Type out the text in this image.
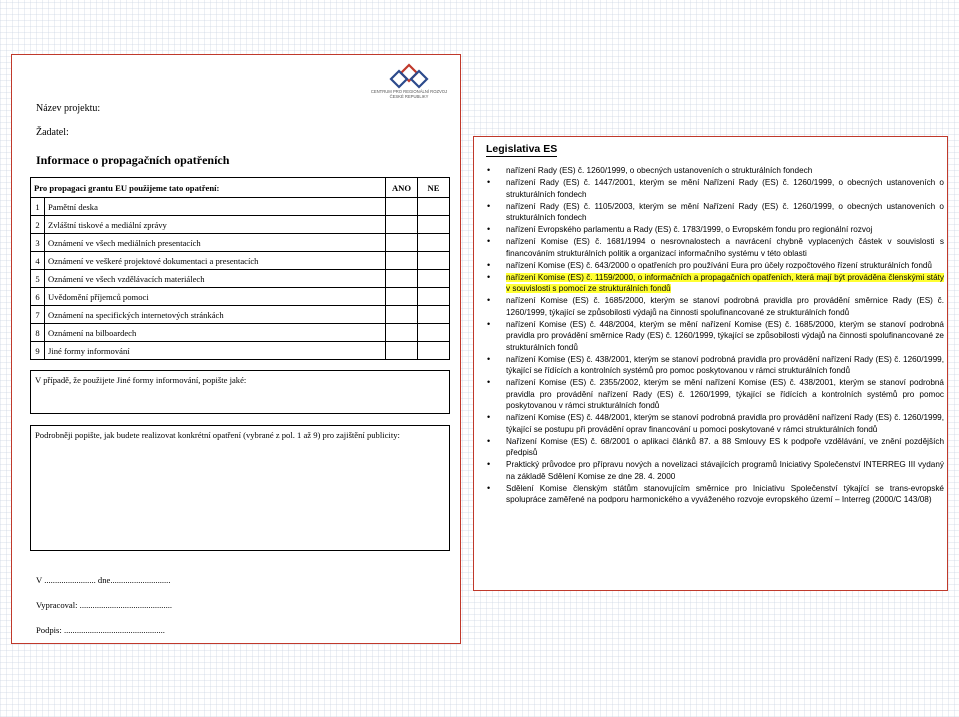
CENTRUM PRO REGIONÁLNÍ ROZVOJ
ČESKÉ REPUBLIKY
Název projektu:
Žadatel:
Informace o propagačních opatřeních
Pro propagaci grantu EU použijeme tato opatření:		ANO	NE
1	Pamětní deska		
2	Zvláštní tiskové a mediální zprávy		
3	Oznámení ve všech mediálních presentacích		
4	Oznámení ve veškeré projektové dokumentaci a presentacích		
5	Oznámení ve všech vzdělávacích materiálech		
6	Uvědomění příjemců pomoci		
7	Oznámení na specifických internetových stránkách		
8	Oznámení na bilboardech		
9	Jiné formy informování		
V případě, že použijete Jiné formy informování, popište jaké:
Podrobněji popište, jak budete realizovat konkrétní opatření (vybrané z pol. 1 až 9) pro zajištění publicity:
V ........................ dne............................
Vypracoval: ...........................................
Podpis: ...............................................
Legislativa ES
• nařízení Rady (ES) č. 1260/1999, o obecných ustanoveních o strukturálních fondech
• nařízení Rady (ES) č. 1447/2001, kterým se mění Nařízení Rady (ES) č. 1260/1999, o obecných ustanoveních o strukturálních fondech
• nařízení Rady (ES) č. 1105/2003, kterým se mění Nařízení Rady (ES) č. 1260/1999, o obecných ustanoveních o strukturálních fondech
• nařízení Evropského parlamentu a Rady (ES) č. 1783/1999, o Evropském fondu pro regionální rozvoj
• nařízení Komise (ES) č. 1681/1994 o nesrovnalostech a navrácení chybně vyplacených částek v souvislosti s financováním strukturálních politik a organizací informačního systému v této oblasti
• nařízení Komise (ES) č. 643/2000 o opatřeních pro používání Eura pro účely rozpočtového řízení strukturálních fondů
• nařízení Komise (ES) č. 1159/2000, o informačních a propagačních opatřeních, která mají být prováděna členskými státy v souvislosti s pomocí ze strukturálních fondů
• nařízení Komise (ES) č. 1685/2000, kterým se stanoví podrobná pravidla pro provádění směrnice Rady (ES) č. 1260/1999, týkající se způsobilosti výdajů na činnosti spolufinancované ze strukturálních fondů
• nařízení Komise (ES) č. 448/2004, kterým se mění nařízení Komise (ES) č. 1685/2000, kterým se stanoví podrobná pravidla pro provádění směrnice Rady (ES) č. 1260/1999, týkající se způsobilosti výdajů na činnosti spolufinancované ze strukturálních fondů
• nařízení Komise (ES) č. 438/2001, kterým se stanoví podrobná pravidla pro provádění nařízení Rady (ES) č. 1260/1999, týkající se řídících a kontrolních systémů pro pomoc poskytovanou v rámci strukturálních fondů
• nařízení Komise (ES) č. 2355/2002, kterým se mění nařízení Komise (ES) č. 438/2001, kterým se stanoví podrobná pravidla pro provádění nařízení Rady (ES) č. 1260/1999, týkající se řídících a kontrolních systémů pro pomoc poskytovanou v rámci strukturálních fondů
• nařízení Komise (ES) č. 448/2001, kterým se stanoví podrobná pravidla pro provádění nařízení Rady (ES) č. 1260/1999, týkající se postupu při provádění oprav financování u pomoci poskytované v rámci strukturálních fondů
• Nařízení Komise (ES) č. 68/2001 o aplikaci článků 87. a 88 Smlouvy ES k podpoře vzdělávání, ve znění pozdějších předpisů
• Praktický průvodce pro přípravu nových a novelizaci stávajících programů Iniciativy Společenství INTERREG III vydaný na základě Sdělení Komise ze dne 28. 4. 2000
• Sdělení Komise členským státům stanovujícím směrnice pro Iniciativu Společenství týkající se trans-evropské spolupráce zaměřené na podporu harmonického a vyváženého rozvoje evropského území – Interreg (2000/C 143/08)
